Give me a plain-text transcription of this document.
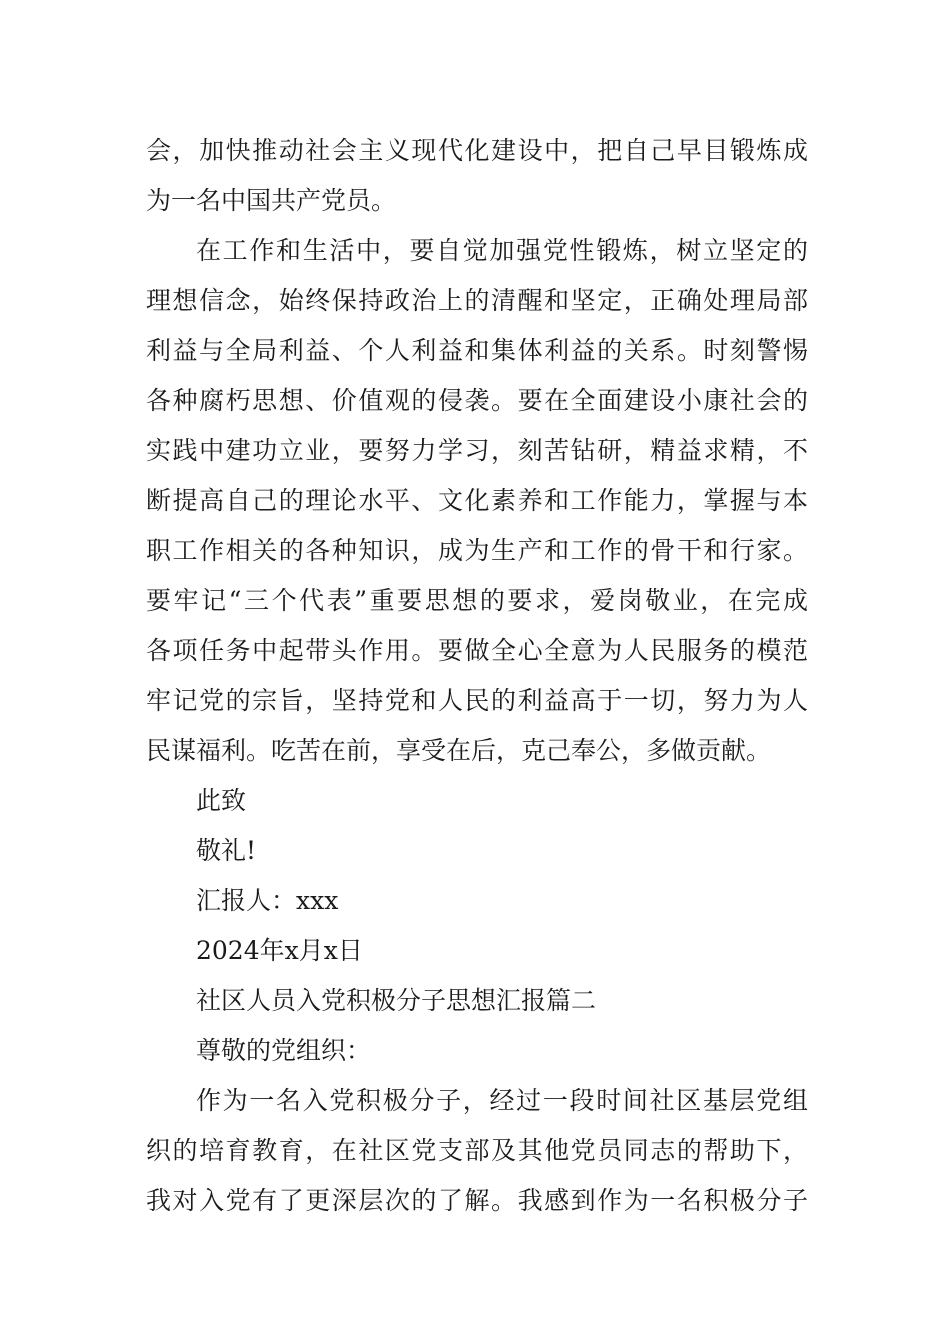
会，加快推动社会主义现代化建设中，把自己早目锻炼成
为一名中国共产党员。
在工作和生活中，要自觉加强党性锻炼，树立坚定的
理想信念，始终保持政治上的清醒和坚定，正确处理局部
利益与全局利益、个人利益和集体利益的关系。时刻警惕
各种腐朽思想、价值观的侵袭。要在全面建设小康社会的
实践中建功立业，要努力学习，刻苦钻研，精益求精，不
断提高自己的理论水平、文化素养和工作能力，掌握与本
职工作相关的各种知识，成为生产和工作的骨干和行家。
要牢记“三个代表”重要思想的要求，爱岗敬业，在完成
各项任务中起带头作用。要做全心全意为人民服务的模范
牢记党的宗旨，坚持党和人民的利益高于一切，努力为人
民谋福利。吃苦在前，享受在后，克己奉公，多做贡献。
此致
敬礼!
汇报人：xxx
2024年x月x日
社区人员入党积极分子思想汇报篇二
尊敬的党组织：
作为一名入党积极分子，经过一段时间社区基层党组
织的培育教育，在社区党支部及其他党员同志的帮助下，
我对入党有了更深层次的了解。我感到作为一名积极分子
